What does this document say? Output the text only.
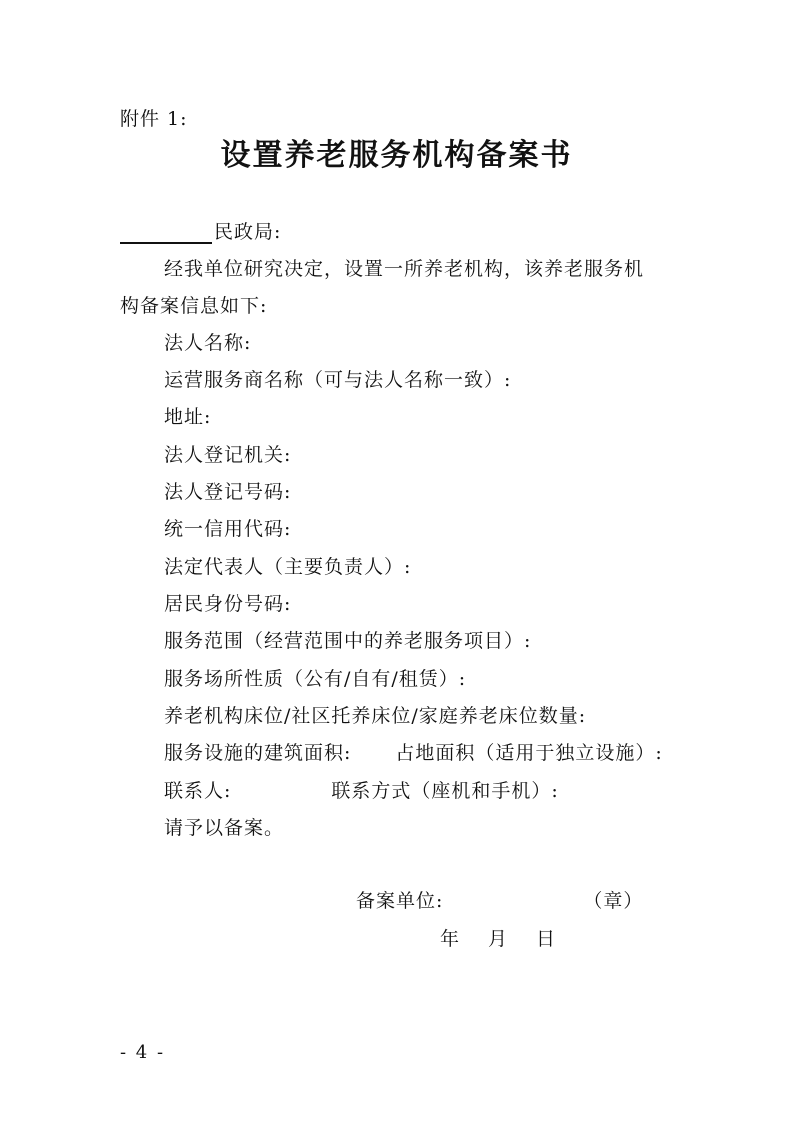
附件 1:
设置养老服务机构备案书
民政局:
经我单位研究决定，设置一所养老机构，该养老服务机
构备案信息如下:
法人名称:
运营服务商名称（可与法人名称一致）:
地址:
法人登记机关:
法人登记号码:
统一信用代码:
法定代表人（主要负责人）:
居民身份号码:
服务范围（经营范围中的养老服务项目）:
服务场所性质（公有/自有/租赁）:
养老机构床位/社区托养床位/家庭养老床位数量:
服务设施的建筑面积: 占地面积（适用于独立设施）:
联系人:	联系方式（座机和手机）:
请予以备案。
备案单位:	（章）
年 月 日
- 4 -
